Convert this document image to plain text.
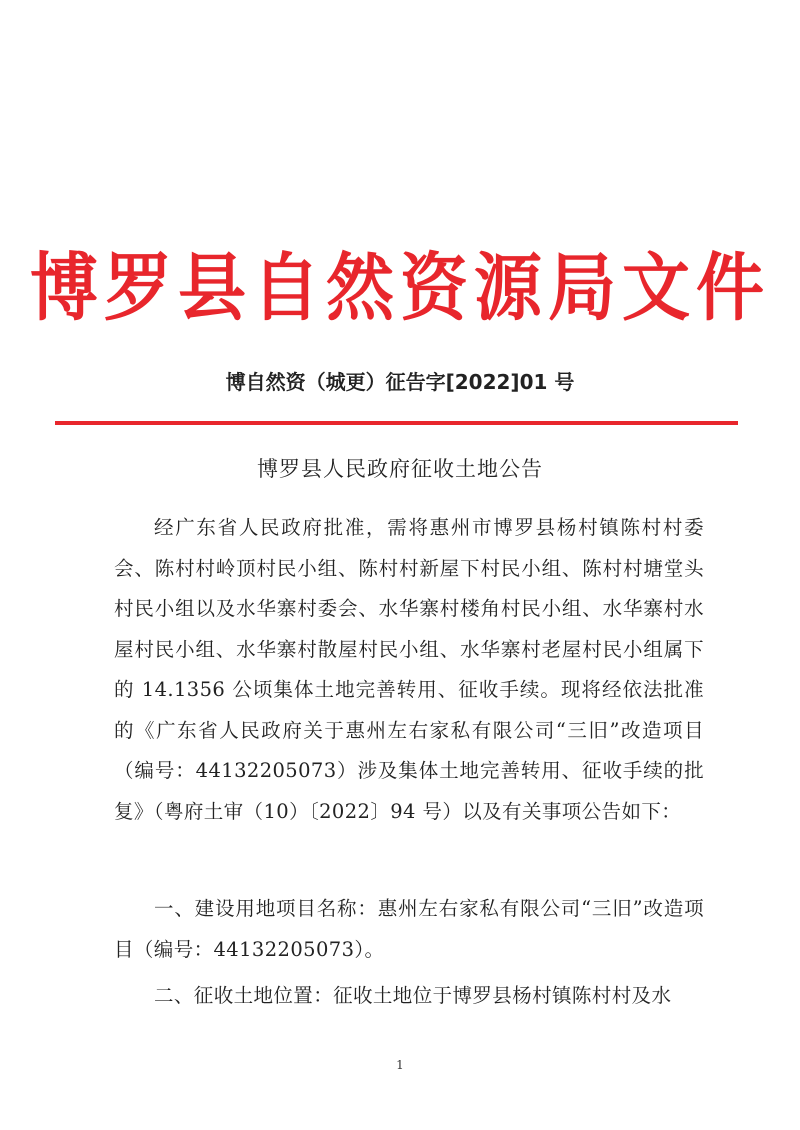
博罗县自然资源局文件
博自然资（城更）征告字[2022]01 号
博罗县人民政府征收土地公告

经广东省人民政府批准，需将惠州市博罗县杨村镇陈村村委会、陈村村岭顶村民小组、陈村村新屋下村民小组、陈村村塘堂头村民小组以及水华寨村委会、水华寨村楼角村民小组、水华寨村水屋村民小组、水华寨村散屋村民小组、水华寨村老屋村民小组属下的 14.1356 公顷集体土地完善转用、征收手续。现将经依法批准的《广东省人民政府关于惠州左右家私有限公司“三旧”改造项目（编号：44132205073）涉及集体土地完善转用、征收手续的批复》（粤府土审（10）〔2022〕94 号）以及有关事项公告如下：

一、建设用地项目名称：惠州左右家私有限公司“三旧”改造项目（编号：44132205073）。

二、征收土地位置：征收土地位于博罗县杨村镇陈村村及水

1
